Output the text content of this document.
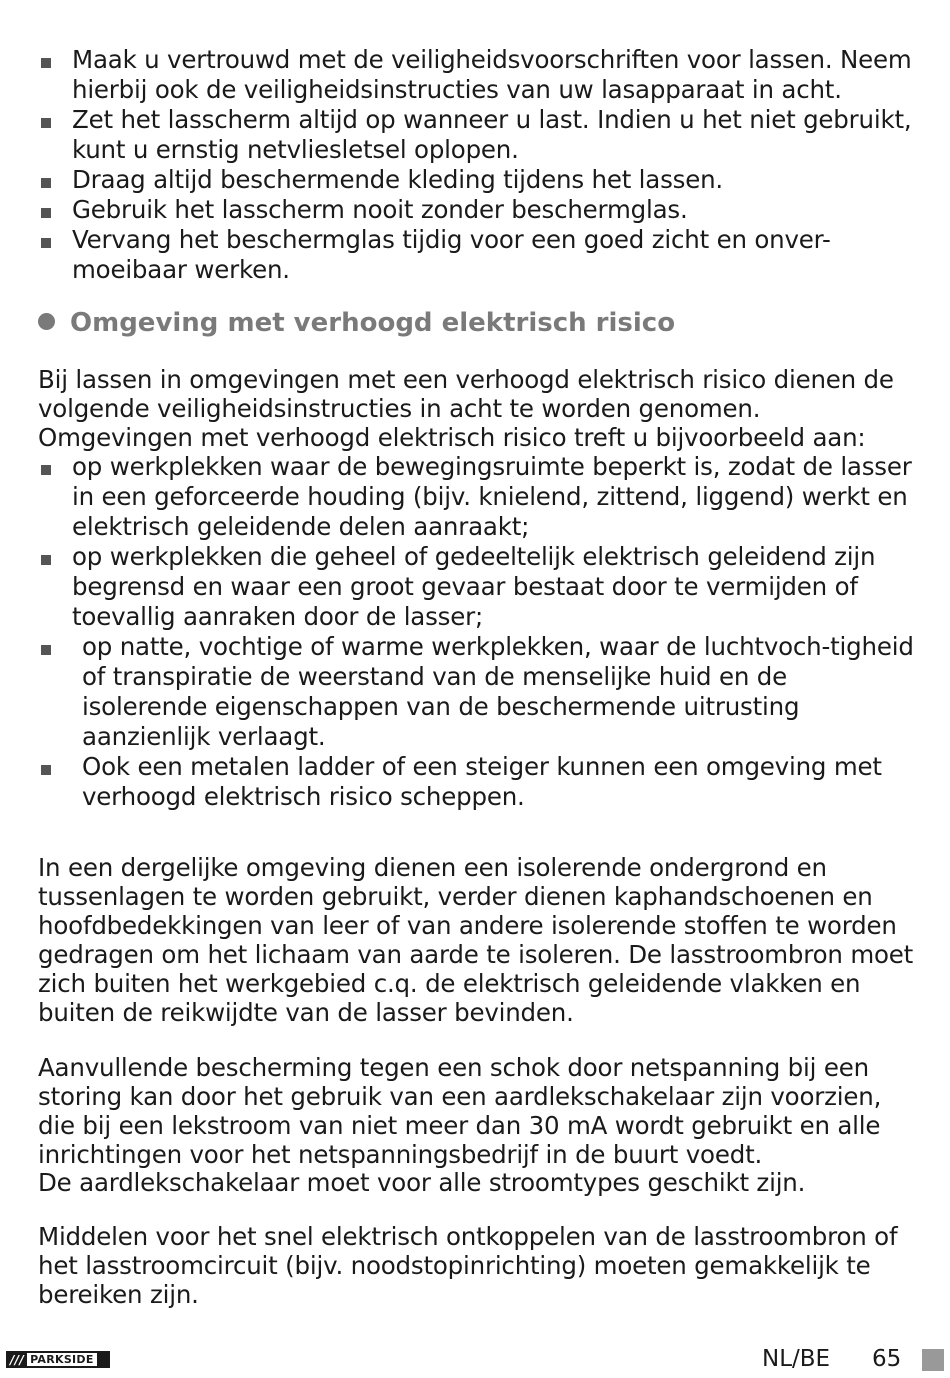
Maak u vertrouwd met de veiligheidsvoorschriften voor lassen. Neem hierbij ook de veiligheidsinstructies van uw lasapparaat in acht.
Zet het lasscherm altijd op wanneer u last. Indien u het niet gebruikt, kunt u ernstig netvliesletsel oplopen.
Draag altijd beschermende kleding tijdens het lassen.
Gebruik het lasscherm nooit zonder beschermglas.
Vervang het beschermglas tijdig voor een goed zicht en onver-moeibaar werken.
Omgeving met verhoogd elektrisch risico

Bij lassen in omgevingen met een verhoogd elektrisch risico dienen de volgende veiligheidsinstructies in acht te worden genomen. Omgevingen met verhoogd elektrisch risico treft u bijvoorbeeld aan:

op werkplekken waar de bewegingsruimte beperkt is, zodat de lasser in een geforceerde houding (bijv. knielend, zittend, liggend) werkt en elektrisch geleidende delen aanraakt;
op werkplekken die geheel of gedeeltelijk elektrisch geleidend zijn begrensd en waar een groot gevaar bestaat door te vermijden of toevallig aanraken door de lasser;
op natte, vochtige of warme werkplekken, waar de luchtvoch-tigheid of transpiratie de weerstand van de menselijke huid en de isolerende eigenschappen van de beschermende uitrusting aanzienlijk verlaagt.
Ook een metalen ladder of een steiger kunnen een omgeving met verhoogd elektrisch risico scheppen.

In een dergelijke omgeving dienen een isolerende ondergrond en tussenlagen te worden gebruikt, verder dienen kaphandschoenen en hoofdbedekkingen van leer of van andere isolerende stoffen te worden gedragen om het lichaam van aarde te isoleren. De lasstroombron moet zich buiten het werkgebied c.q. de elektrisch geleidende vlakken en buiten de reikwijdte van de lasser bevinden.

Aanvullende bescherming tegen een schok door netspanning bij een storing kan door het gebruik van een aardlekschakelaar zijn voorzien, die bij een lekstroom van niet meer dan 30 mA wordt gebruikt en alle inrichtingen voor het netspanningsbedrijf in de buurt voedt.

De aardlekschakelaar moet voor alle stroomtypes geschikt zijn.

Middelen voor het snel elektrisch ontkoppelen van de lasstroombron of het lasstroomcircuit (bijv. noodstopinrichting) moeten gemakkelijk te bereiken zijn.

/// PARKSIDE	NL/BE 65
